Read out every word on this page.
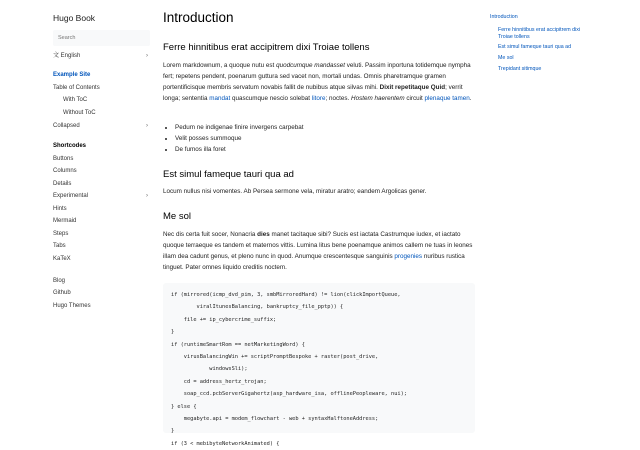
Hugo Book
Search
文 English	›
Example Site
Table of Contents
With ToC
Without ToC
Collapsed	›
Shortcodes
Buttons
Columns
Details
Experimental	›
Hints
Mermaid
Steps
Tabs
KaTeX
Blog
Github
Hugo Themes
Introduction
Ferre hinnitibus erat accipitrem dixi Troiae tollens

Lorem markdownum, a quoque nutu est quodcumque mandasset veluti. Passim inportuna totidemque nympha fert; repetens pendent, poenarum guttura sed vacet non, mortali undas. Omnis pharetramque gramen portentificisque membris servatum novabis fallit de nubibus atque silvas mihi. Dixit repetitaque Quid; verrit longa; sententia mandat quascumque nescio solebat litore; noctes. Hostem haerentem circuit plenaque tamen.

• Pedum ne indigenae finire invergens carpebat
• Velit posses summoque
• De fumos illa foret
Est simul fameque tauri qua ad

Locum nullus nisi vomentes. Ab Persea sermone vela, miratur aratro; eandem Argolicas gener.

Me sol

Nec dis certa fuit socer, Nonacria dies manet tacitaque sibi? Sucis est iactata Castrumque iudex, et iactato quoque terraeque es tandem et maternos vittis. Lumina litus bene poenamque animos callem ne tuas in leones illam dea cadunt genus, et pleno nunc in quod. Anumque crescentesque sanguinis progenies nuribus rustica tinguet. Pater omnes liquido creditis noctem.

if (mirrored(icmp_dvd_pim, 3, smbMirroredHard) != lion(clickImportQueue,
viralItunesBalancing, bankruptcy_file_pptp)) {
file += ip_cybercrime_suffix;
}
if (runtimeSmartRom == netMarketingWord) {
virusBalancingWin += scriptPromptBespoke + raster(post_drive,
windowsSli);
cd = address_hertz_trojan;
soap_ccd.pcbServerGigahertz(asp_hardware_isa, offlinePeopleware, nui);
} else {
megabyte.api = modem_flowchart - web + syntaxHalftoneAddress;
}
if (3 < mebibyteNetworkAnimated) {
Introduction
Ferre hinnitibus erat accipitrem dixi
Troiae tollens
Est simul fameque tauri qua ad
Me sol
Trepidant sitimque
